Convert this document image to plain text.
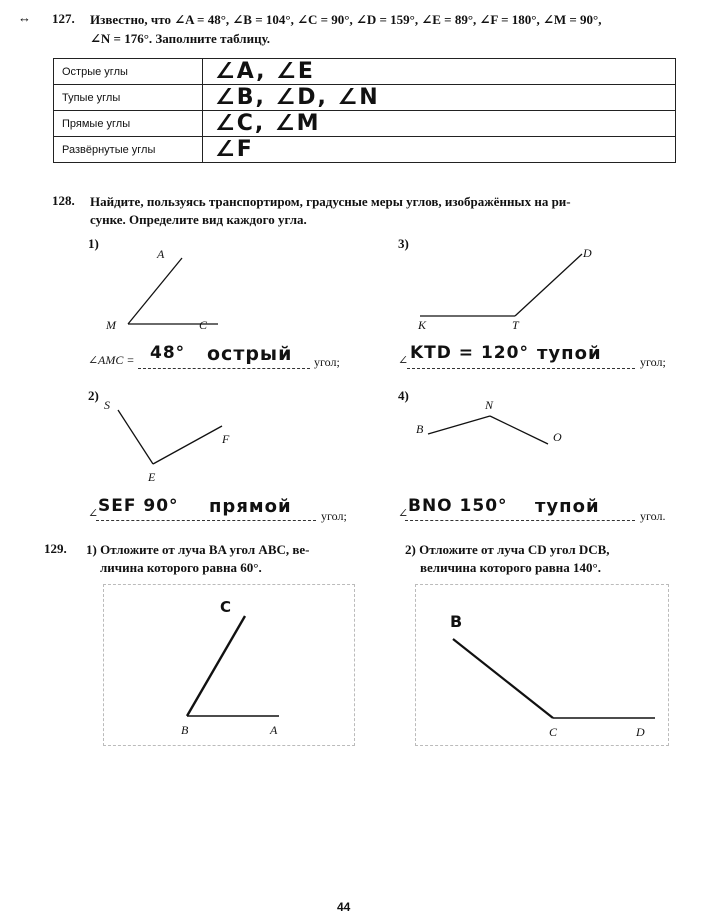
↔ 127. Известно, что ∠A = 48°, ∠B = 104°, ∠C = 90°, ∠D = 159°, ∠E = 89°, ∠F = 180°, ∠M = 90°,
∠N = 176°. Заполните таблицу.
Острые углы	∠A, ∠E
Тупые углы	∠B, ∠D, ∠N
Прямые углы	∠C, ∠M
Развёрнутые углы	∠F
128. Найдите, пользуясь транспортиром, градусные меры углов, изображённых на ри-
сунке. Определите вид каждого угла.
1)
A
M	C
∠AMC = 48° острый угол;
3)
D
K	T
∠ KTD = 120° тупой	угол;
2)
S
E
F
∠ SEF 90° прямой угол;
4)
B
N
O
∠ BNO 150° тупой	угол.
129. 1) Отложите от луча BA угол ABC, ве-
личина которого равна 60°.
2) Отложите от луча CD угол DCB,
величина которого равна 140°.
C
B	A
B
C	D
44
